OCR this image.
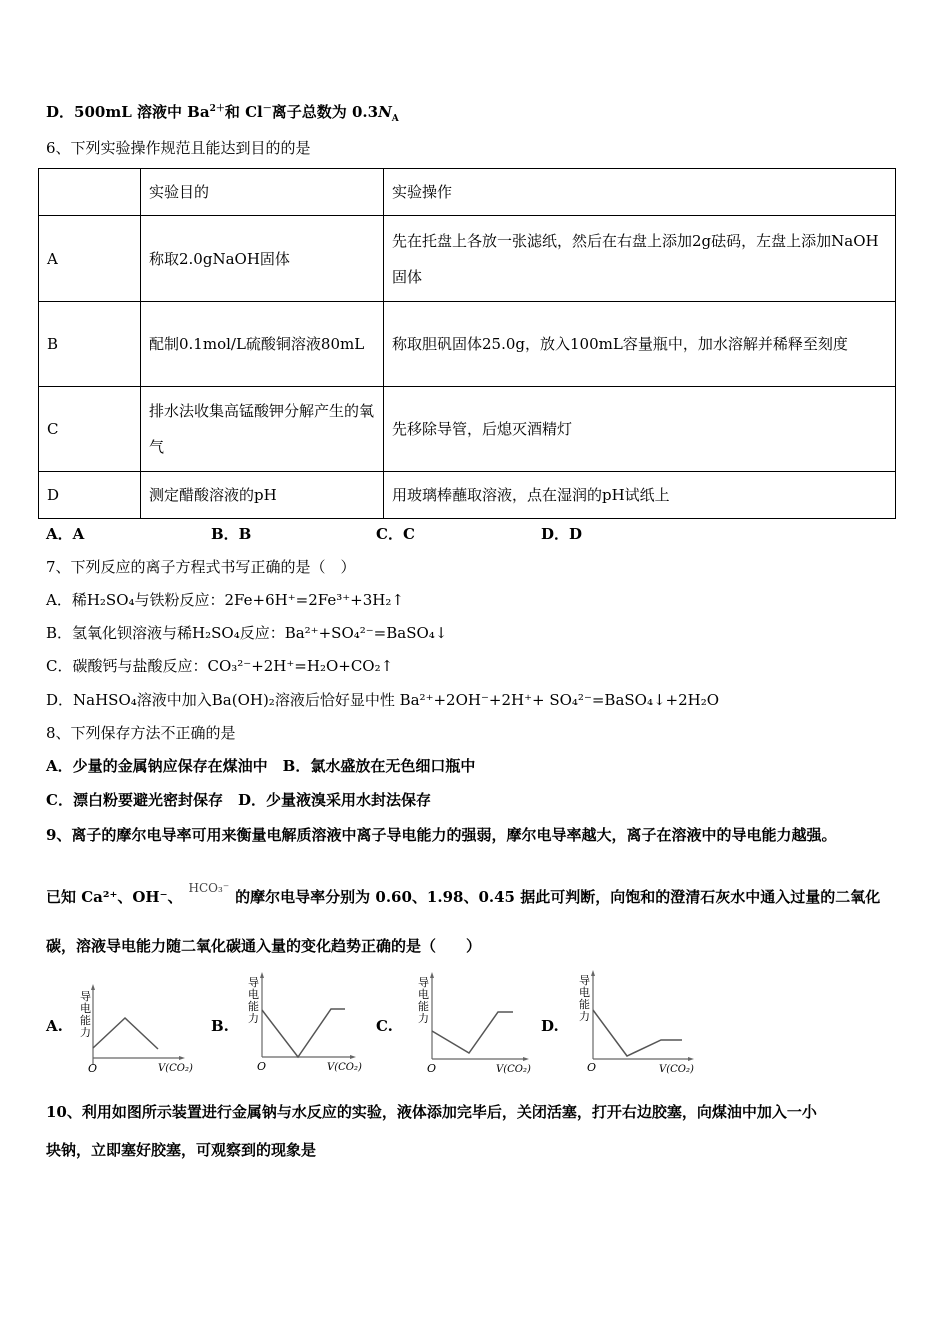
D．500mL 溶液中 $Ba^{2+}$和 Cl－离子总数为 $0.3N_A$
6、下列实验操作规范且能达到目的的是
	实验目的	实验操作
A	称取2.0gNaOH固体	先在托盘上各放一张滤纸，然后在右盘上添加2g砝码，左盘上添加NaOH固体
B	配制0.1mol/L硫酸铜溶液80mL	称取胆矾固体25.0g，放入100mL容量瓶中，加水溶解并稀释至刻度
C	排水法收集高锰酸钾分解产生的氧气	先移除导管，后熄灭酒精灯
D	测定醋酸溶液的pH	用玻璃棒蘸取溶液，点在湿润的pH试纸上
A．A	B．B	C．C	D．D
7、下列反应的离子方程式书写正确的是（　）
A．稀H₂SO₄与铁粉反应：2Fe+6H⁺=2Fe³⁺+3H₂↑
B．氢氧化钡溶液与稀H₂SO₄反应：Ba²⁺+SO₄²⁻=BaSO₄↓
C．碳酸钙与盐酸反应：CO₃²⁻+2H⁺=H₂O+CO₂↑
D．NaHSO₄溶液中加入Ba(OH)₂溶液后恰好显中性 Ba²⁺+2OH⁻+2H⁺+ SO₄²⁻=BaSO₄↓+2H₂O
8、下列保存方法不正确的是
A．少量的金属钠应保存在煤油中　B．氯水盛放在无色细口瓶中
C．漂白粉要避光密封保存　D．少量液溴采用水封法保存
9、离子的摩尔电导率可用来衡量电解质溶液中离子导电能力的强弱，摩尔电导率越大，离子在溶液中的导电能力越强。
已知 Ca²⁺、OH⁻、 $^{HCO_3^-}$ 的摩尔电导率分别为 0.60、1.98、0.45 据此可判断，向饱和的澄清石灰水中通入过量的二氧化
碳，溶液导电能力随二氧化碳通入量的变化趋势正确的是（　　）
A.
导电能力
O	V(CO₂)
B.
导电能力
O	V(CO₂)
C.
导电能力
O	V(CO₂)
D.
导电能力
O	V(CO₂)
10、利用如图所示装置进行金属钠与水反应的实验，液体添加完毕后，关闭活塞，打开右边胶塞，向煤油中加入一小
块钠，立即塞好胶塞，可观察到的现象是
